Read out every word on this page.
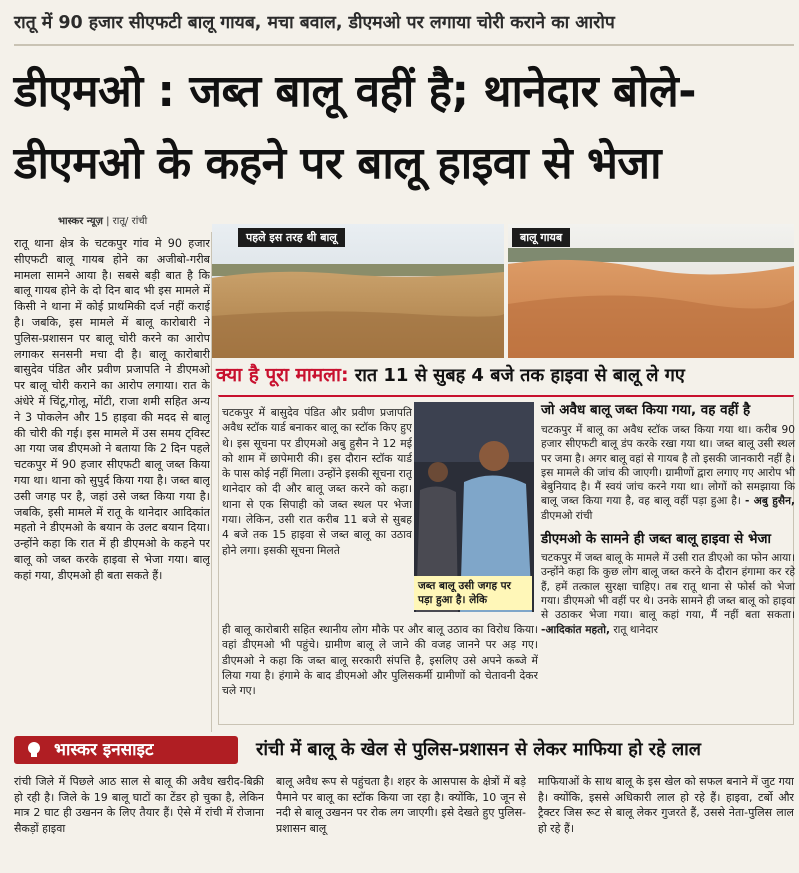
रातू में 90 हजार सीएफटी बालू गायब, मचा बवाल, डीएमओ पर लगाया चोरी कराने का आरोप
डीएमओ : जब्त बालू वहीं है; थानेदार बोले-
डीएमओ के कहने पर बालू हाइवा से भेजा
भास्कर न्यूज़ | रातू/ रांची
रातू थाना क्षेत्र के चटकपुर गांव मे 90 हजार सीएफटी बालू गायब होने का अजीबो-गरीब मामला सामने आया है। सबसे बड़ी बात है कि बालू गायब होने के दो दिन बाद भी इस मामले में किसी ने थाना में कोई प्राथमिकी दर्ज नहीं कराई है। जबकि, इस मामले में बालू कारोबारी ने पुलिस-प्रशासन पर बालू चोरी करने का आरोप लगाकर सनसनी मचा दी है। बालू कारोबारी बासुदेव पंडित और प्रवीण प्रजापति ने डीएमओ पर बालू चोरी कराने का आरोप लगाया। रात के अंधेरे में चिंटू,गोलू, मोंटी, राजा शमी सहित अन्य ने 3 पोकलेन और 15 हाइवा की मदद से बालू की चोरी की गई। इस मामले में उस समय ट्विस्ट आ गया जब डीएमओ ने बताया कि 2 दिन पहले चटकपुर में 90 हजार सीएफटी बालू जब्त किया गया था। थाना को सुपुर्द किया गया है। जब्त बालू उसी जगह पर है, जहां उसे जब्त किया गया है। जबकि, इसी मामले में रातू के थानेदार आदिकांत महतो ने डीएमओ के बयान के उलट बयान दिया। उन्होंने कहा कि रात में ही डीएमओ के कहने पर बालू को जब्त करके हाइवा से भेजा गया। बालू कहां गया, डीएमओ ही बता सकते हैं।
पहले इस तरह थी बालू	बालू गायब
क्या है पूरा मामला: रात 11 से सुबह 4 बजे तक हाइवा से बालू ले गए
चटकपुर में बासुदेव पंडित और प्रवीण प्रजापति अवैध स्टॉक यार्ड बनाकर बालू का स्टॉक किए हुए थे। इस सूचना पर डीएमओ अबु हुसैन ने 12 मई को शाम में छापेमारी की। इस दौरान स्टॉक यार्ड के पास कोई नहीं मिला। उन्होंने इसकी सूचना रातू थानेदार को दी और बालू जब्त करने को कहा। थाना से एक सिपाही को जब्त स्थल पर भेजा गया। लेकिन, उसी रात करीब 11 बजे से सुबह 4 बजे तक 15 हाइवा से जब्त बालू का उठाव होने लगा। इसकी सूचना मिलते
जब्त बालू उसी जगह पर पड़ा हुआ है। लेकि
ही बालू कारोबारी सहित स्थानीय लोग मौके पर और बालू उठाव का विरोध किया। वहां डीएमओ भी पहुंचे। ग्रामीण बालू ले जाने की वजह जानने पर अड़ गए। डीएमओ ने कहा कि जब्त बालू सरकारी संपत्ति है, इसलिए उसे अपने कब्जे में लिया गया है। हंगामे के बाद डीएमओ और पुलिसकर्मी ग्रामीणों को चेतावनी देकर चले गए।
जो अवैध बालू जब्त किया गया, वह वहीं है
चटकपुर में बालू का अवैध स्टॉक जब्त किया गया था। करीब 90 हजार सीएफटी बालू डंप करके रखा गया था। जब्त बालू उसी स्थल पर जमा है। अगर बालू वहां से गायब है तो इसकी जानकारी नहीं है। इस मामले की जांच की जाएगी। ग्रामीणों द्वारा लगाए गए आरोप भी बेबुनियाद है। मैं स्वयं जांच करने गया था। लोगों को समझाया कि बालू जब्त किया गया है, वह बालू वहीं पड़ा हुआ है। - अबु हुसैन, डीएमओ रांची
डीएमओ के सामने ही जब्त बालू हाइवा से भेजा
चटकपुर में जब्त बालू के मामले में उसी रात डीएओ का फोन आया। उन्होंने कहा कि कुछ लोग बालू जब्त करने के दौरान हंगामा कर रहे हैं, हमें तत्काल सुरक्षा चाहिए। तब रातू थाना से फोर्स को भेजा गया। डीएमओ भी वहीं पर थे। उनके सामने ही जब्त बालू को हाइवा से उठाकर भेजा गया। बालू कहां गया, मैं नहीं बता सकता। -आदिकांत महतो, रातू थानेदार
भास्कर इनसाइट	रांची में बालू के खेल से पुलिस-प्रशासन से लेकर माफिया हो रहे लाल
रांची जिले में पिछले आठ साल से बालू की अवैध खरीद-बिक्री हो रही है। जिले के 19 बालू घाटों का टेंडर हो चुका है, लेकिन मात्र 2 घाट ही उखनन के लिए तैयार हैं। ऐसे में रांची में रोजाना सैकड़ों हाइवा
बालू अवैध रूप से पहुंचता है। शहर के आसपास के क्षेत्रों में बड़े पैमाने पर बालू का स्टॉक किया जा रहा है। क्योंकि, 10 जून से नदी से बालू उखनन पर रोक लग जाएगी। इसे देखते हुए पुलिस-प्रशासन बालू
माफियाओं के साथ बालू के इस खेल को सफल बनाने में जुट गया है। क्योंकि, इससे अधिकारी लाल हो रहे हैं। हाइवा, टर्बो और ट्रैक्टर जिस रूट से बालू लेकर गुजरते हैं, उससे नेता-पुलिस लाल हो रहे हैं।
